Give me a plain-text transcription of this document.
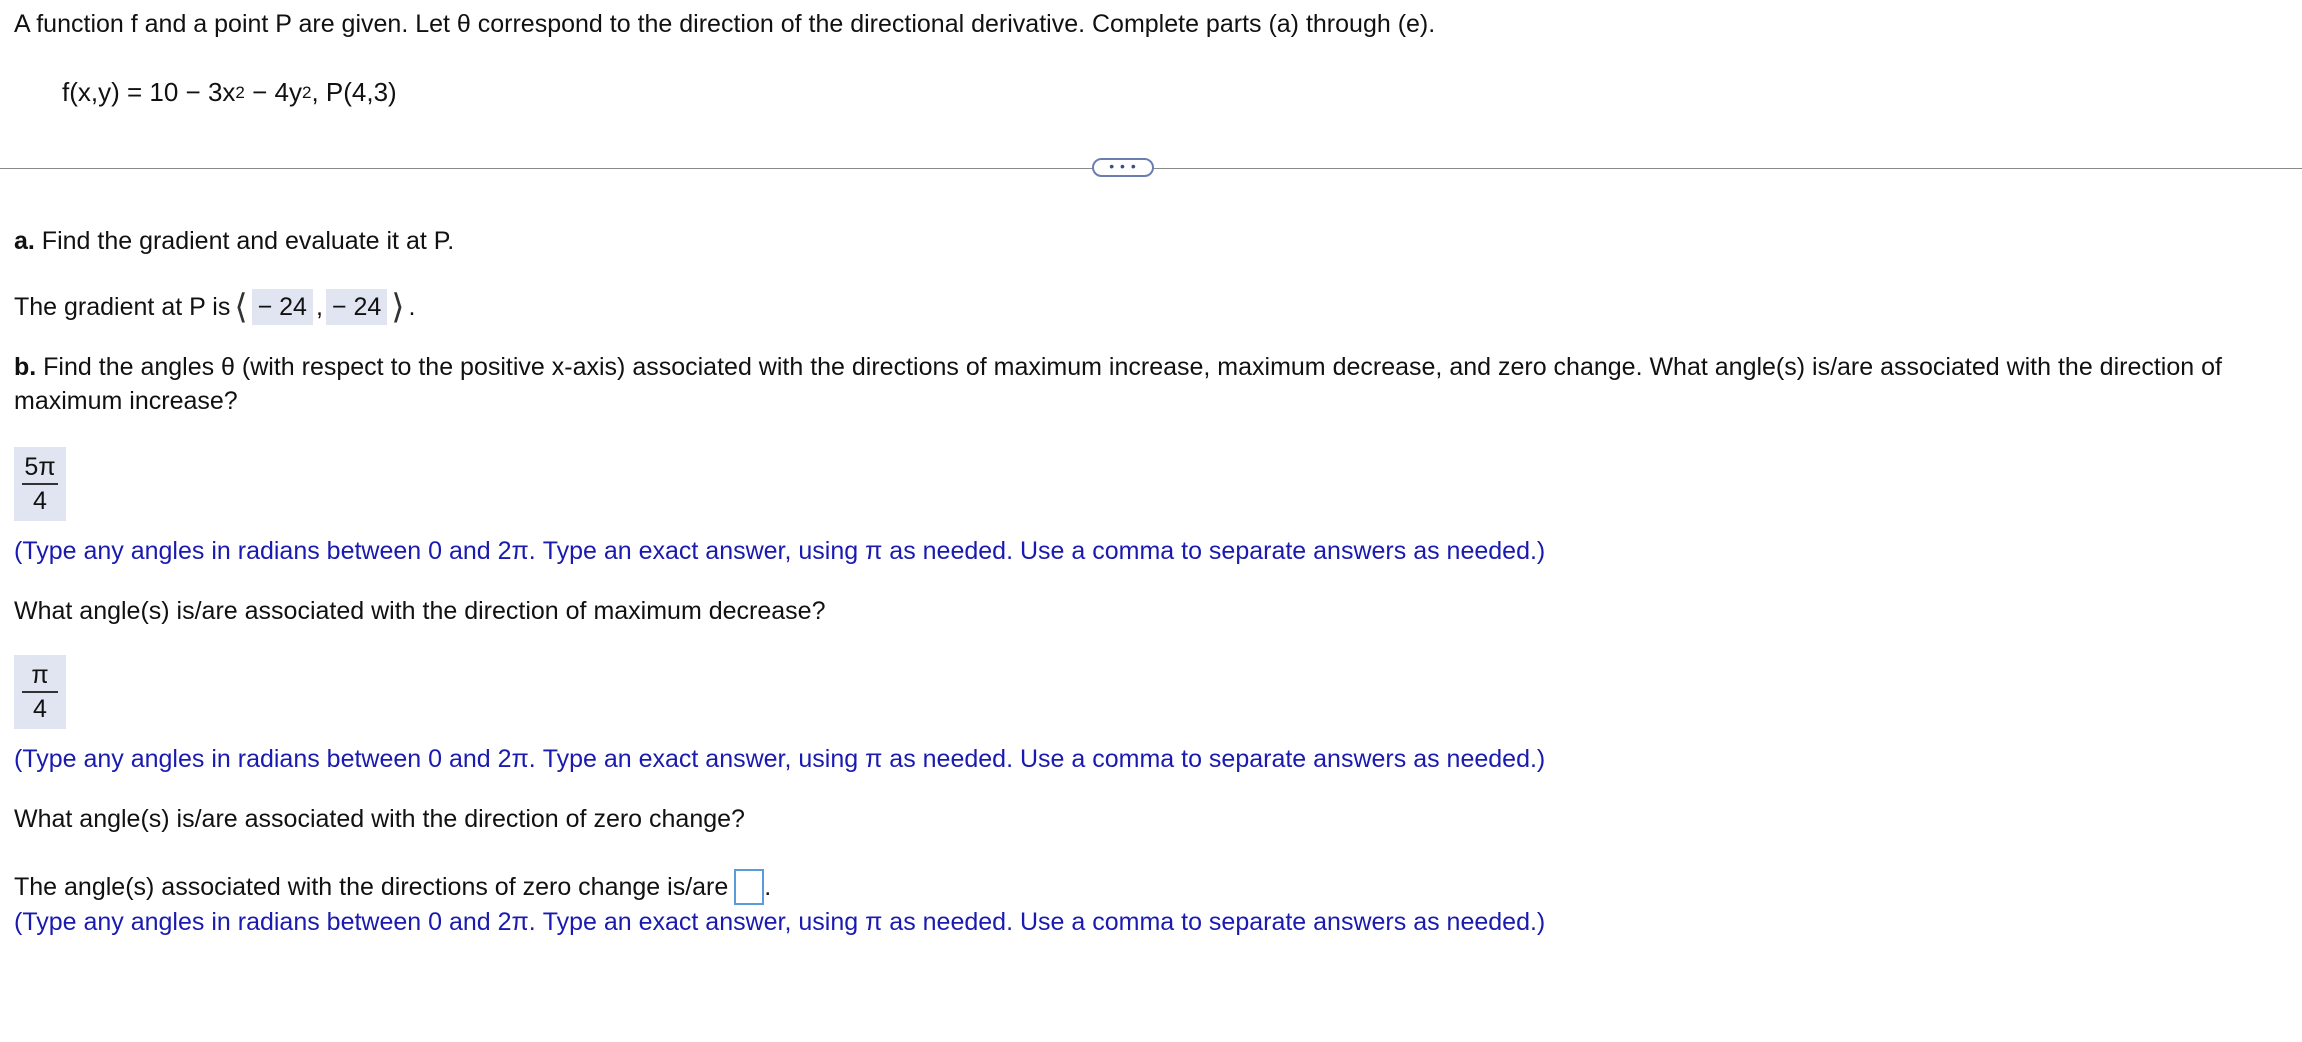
A function f and a point P are given. Let θ correspond to the direction of the directional derivative. Complete parts (a) through (e).
$f(x,y) = 10 - 3x^2 - 4y^2$, P(4,3)
• • •
a. Find the gradient and evaluate it at P.
The gradient at P is ⟨ − 24 , − 24 ⟩ .
b. Find the angles θ (with respect to the positive x-axis) associated with the directions of maximum increase, maximum decrease, and zero change. What angle(s) is/are associated with the direction of maximum increase?
5π
4
(Type any angles in radians between 0 and 2π. Type an exact answer, using π as needed. Use a comma to separate answers as needed.)
What angle(s) is/are associated with the direction of maximum decrease?
π
4
(Type any angles in radians between 0 and 2π. Type an exact answer, using π as needed. Use a comma to separate answers as needed.)
What angle(s) is/are associated with the direction of zero change?
The angle(s) associated with the directions of zero change is/are .
(Type any angles in radians between 0 and 2π. Type an exact answer, using π as needed. Use a comma to separate answers as needed.)
